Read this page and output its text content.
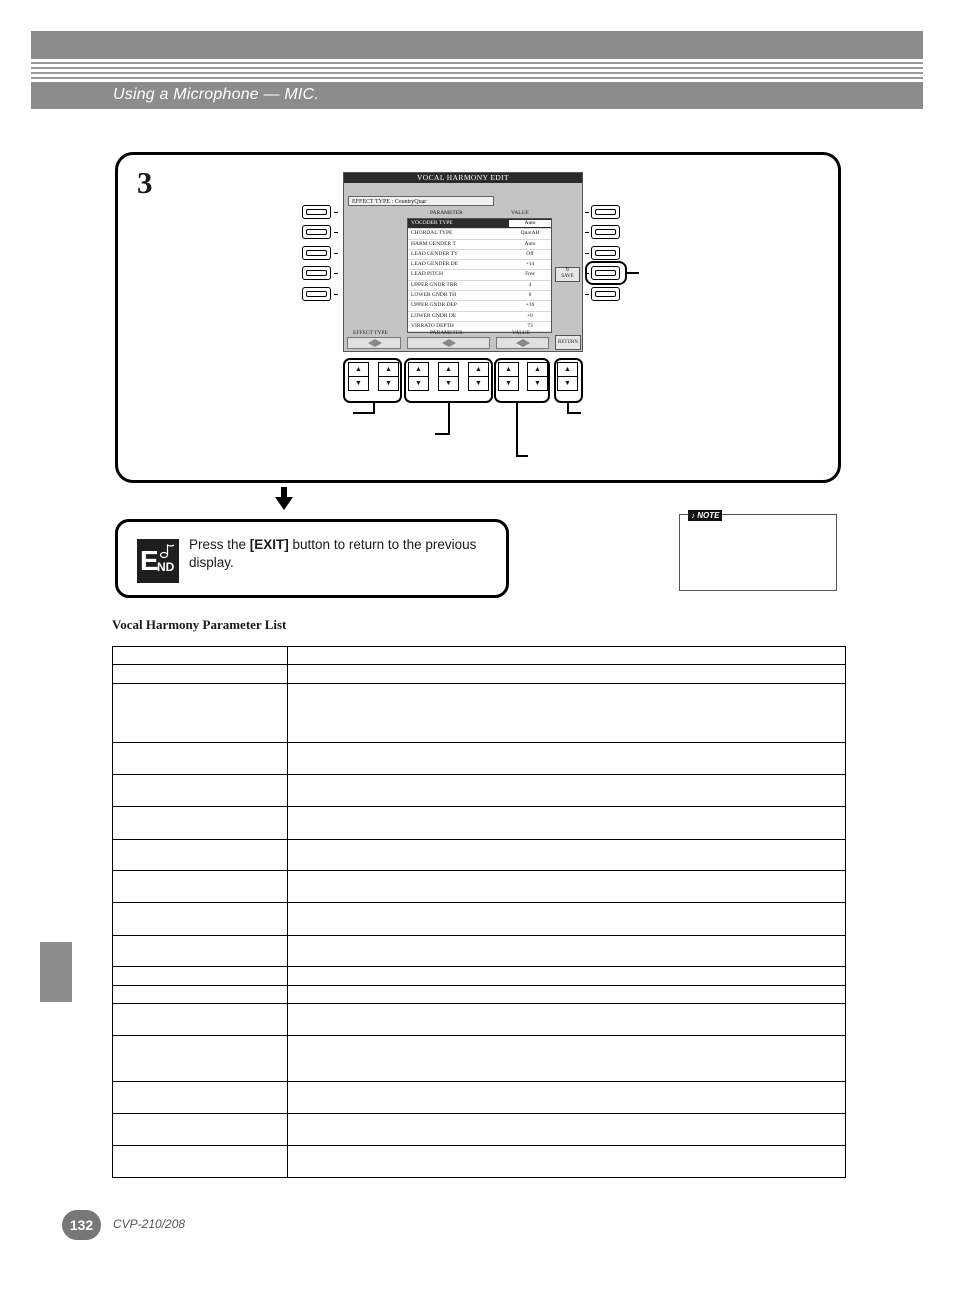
Using a Microphone — MIC.
3	VOCAL HARMONY EDIT
EFFECT TYPE : CountryQuar
PARAMETER	VALUE
VOCODER TYPE	Auto
CHORDAL TYPE	QuarAB
HARM GENDER T	Auto
LEAD GENDER TY	Off
LEAD GENDER DE	+14
LEAD PITCH	Free
UPPER GNDR THR	4
LOWER GNDR TH	0
UPPER GNDR DEP	+16
LOWER GNDR DE	+0
VIBRATO DEPTH	73
↻
SAVE
EFFECT TYPE	PARAMETER	VALUE
RETURN
▲
▼
▲
▼
▲
▼
▲
▼
▲
▼
▲
▼
▲
▼
▲
▼
E
ND
Press the [EXIT] button to return to the previous display.
♪ NOTE
Vocal Harmony Parameter List

132	CVP-210/208
